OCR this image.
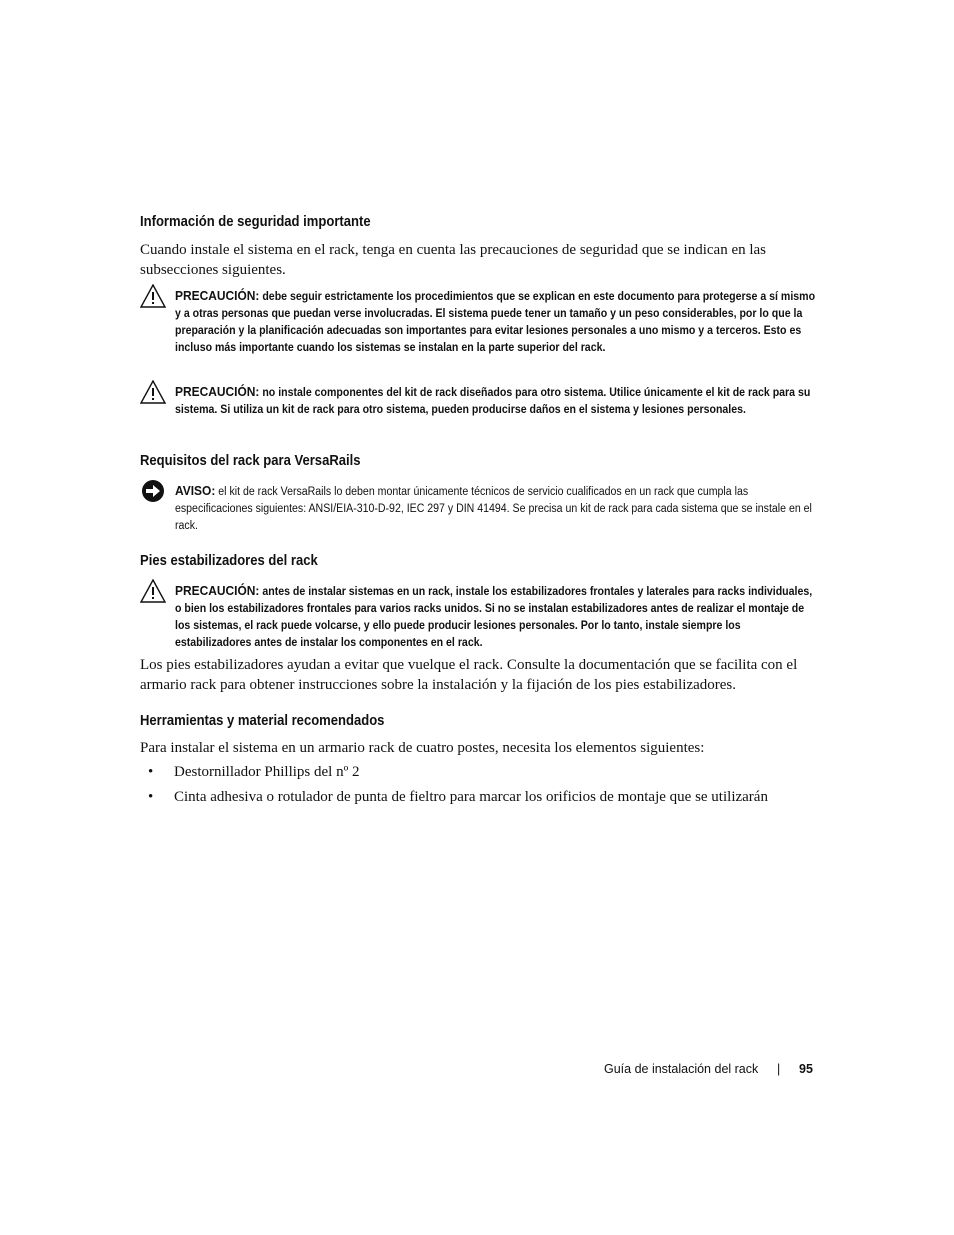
Información de seguridad importante

Cuando instale el sistema en el rack, tenga en cuenta las precauciones de seguridad que se indican en las subsecciones siguientes.

PRECAUCIÓN: debe seguir estrictamente los procedimientos que se explican en este documento para protegerse a sí mismo y a otras personas que puedan verse involucradas. El sistema puede tener un tamaño y un peso considerables, por lo que la preparación y la planificación adecuadas son importantes para evitar lesiones personales a uno mismo y a terceros. Esto es incluso más importante cuando los sistemas se instalan en la parte superior del rack.
PRECAUCIÓN: no instale componentes del kit de rack diseñados para otro sistema. Utilice únicamente el kit de rack para su sistema. Si utiliza un kit de rack para otro sistema, pueden producirse daños en el sistema y lesiones personales.
Requisitos del rack para VersaRails
AVISO: el kit de rack VersaRails lo deben montar únicamente técnicos de servicio cualificados en un rack que cumpla las especificaciones siguientes: ANSI/EIA-310-D-92, IEC 297 y DIN 41494. Se precisa un kit de rack para cada sistema que se instale en el rack.
Pies estabilizadores del rack
PRECAUCIÓN: antes de instalar sistemas en un rack, instale los estabilizadores frontales y laterales para racks individuales, o bien los estabilizadores frontales para varios racks unidos. Si no se instalan estabilizadores antes de realizar el montaje de los sistemas, el rack puede volcarse, y ello puede producir lesiones personales. Por lo tanto, instale siempre los estabilizadores antes de instalar los componentes en el rack.

Los pies estabilizadores ayudan a evitar que vuelque el rack. Consulte la documentación que se facilita con el armario rack para obtener instrucciones sobre la instalación y la fijación de los pies estabilizadores.

Herramientas y material recomendados

Para instalar el sistema en un armario rack de cuatro postes, necesita los elementos siguientes:

• Destornillador Phillips del nº 2
• Cinta adhesiva o rotulador de punta de fieltro para marcar los orificios de montaje que se utilizarán
Guía de instalación del rack | 95
